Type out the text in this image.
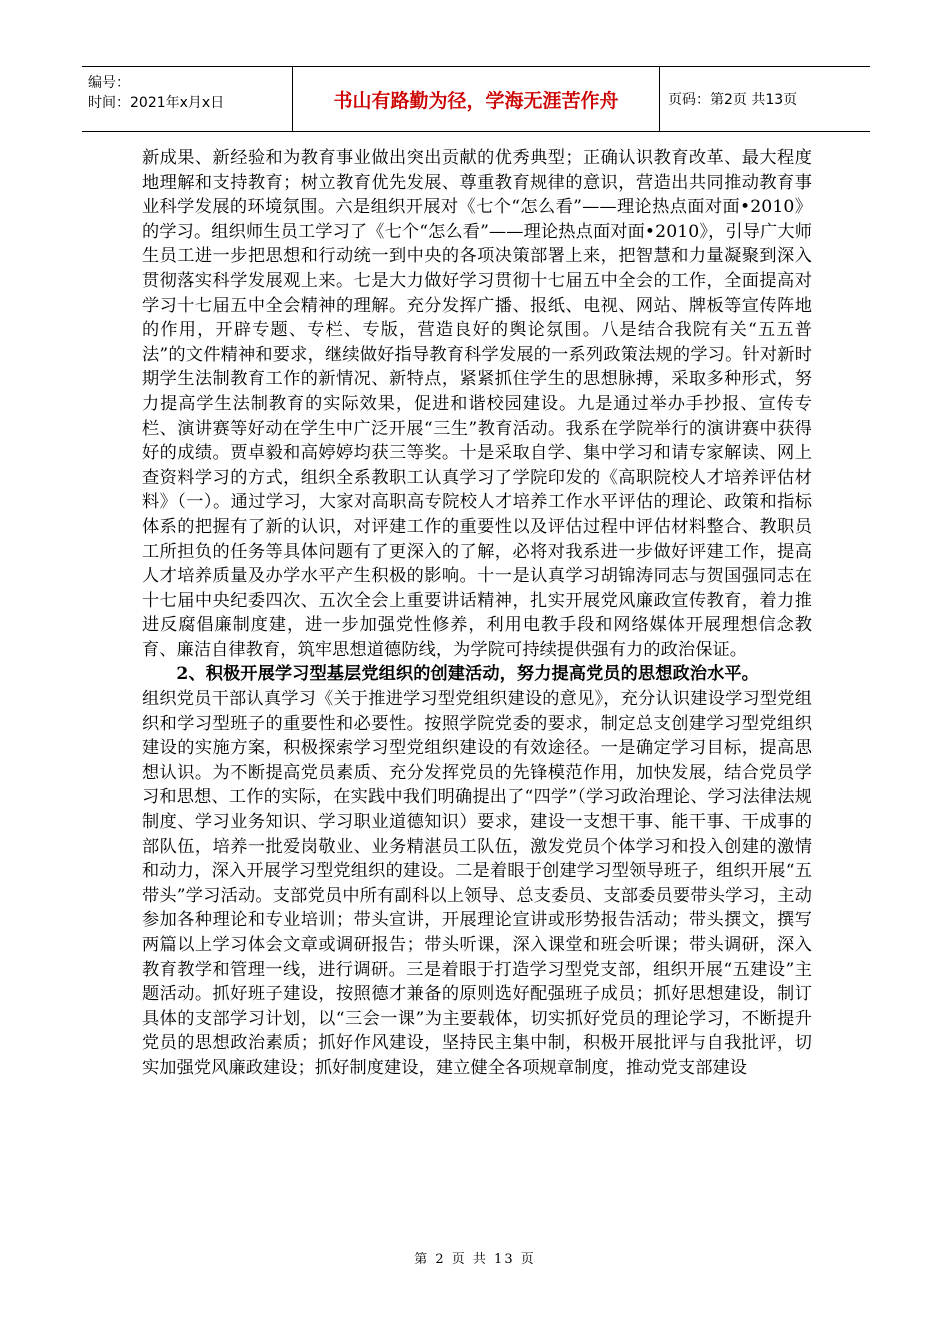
编号：
时间：2021年x月x日	书山有路勤为径，学海无涯苦作舟	页码：第2页 共13页

新成果、新经验和为教育事业做出突出贡献的优秀典型；正确认识教育改革、最大程度地理解和支持教育；树立教育优先发展、尊重教育规律的意识，营造出共同推动教育事业科学发展的环境氛围。六是组织开展对《七个“怎么看”——理论热点面对面•2010》的学习。组织师生员工学习了《七个“怎么看”——理论热点面对面•2010》，引导广大师生员工进一步把思想和行动统一到中央的各项决策部署上来，把智慧和力量凝聚到深入贯彻落实科学发展观上来。七是大力做好学习贯彻十七届五中全会的工作，全面提高对学习十七届五中全会精神的理解。充分发挥广播、报纸、电视、网站、牌板等宣传阵地的作用，开辟专题、专栏、专版，营造良好的舆论氛围。八是结合我院有关“五五普法”的文件精神和要求，继续做好指导教育科学发展的一系列政策法规的学习。针对新时期学生法制教育工作的新情况、新特点，紧紧抓住学生的思想脉搏，采取多种形式，努力提高学生法制教育的实际效果，促进和谐校园建设。九是通过举办手抄报、宣传专栏、演讲赛等好动在学生中广泛开展“三生”教育活动。我系在学院举行的演讲赛中获得好的成绩。贾卓毅和高婷婷均获三等奖。十是采取自学、集中学习和请专家解读、网上查资料学习的方式，组织全系教职工认真学习了学院印发的《高职院校人才培养评估材料》（一）。通过学习，大家对高职高专院校人才培养工作水平评估的理论、政策和指标体系的把握有了新的认识，对评建工作的重要性以及评估过程中评估材料整合、教职员工所担负的任务等具体问题有了更深入的了解，必将对我系进一步做好评建工作，提高人才培养质量及办学水平产生积极的影响。十一是认真学习胡锦涛同志与贺国强同志在十七届中央纪委四次、五次全会上重要讲话精神，扎实开展党风廉政宣传教育，着力推进反腐倡廉制度建，进一步加强党性修养，利用电教手段和网络媒体开展理想信念教育、廉洁自律教育，筑牢思想道德防线，为学院可持续提供强有力的政治保证。

2、积极开展学习型基层党组织的创建活动，努力提高党员的思想政治水平。

组织党员干部认真学习《关于推进学习型党组织建设的意见》，充分认识建设学习型党组织和学习型班子的重要性和必要性。按照学院党委的要求，制定总支创建学习型党组织建设的实施方案，积极探索学习型党组织建设的有效途径。一是确定学习目标，提高思想认识。为不断提高党员素质、充分发挥党员的先锋模范作用，加快发展，结合党员学习和思想、工作的实际，在实践中我们明确提出了“四学”（学习政治理论、学习法律法规制度、学习业务知识、学习职业道德知识）要求，建设一支想干事、能干事、干成事的部队伍，培养一批爱岗敬业、业务精湛员工队伍，激发党员个体学习和投入创建的激情和动力，深入开展学习型党组织的建设。二是着眼于创建学习型领导班子，组织开展“五带头”学习活动。支部党员中所有副科以上领导、总支委员、支部委员要带头学习，主动参加各种理论和专业培训；带头宣讲，开展理论宣讲或形势报告活动；带头撰文，撰写两篇以上学习体会文章或调研报告；带头听课，深入课堂和班会听课；带头调研，深入教育教学和管理一线，进行调研。三是着眼于打造学习型党支部，组织开展“五建设”主题活动。抓好班子建设，按照德才兼备的原则选好配强班子成员；抓好思想建设，制订具体的支部学习计划，以“三会一课”为主要载体，切实抓好党员的理论学习，不断提升党员的思想政治素质；抓好作风建设，坚持民主集中制，积极开展批评与自我批评，切实加强党风廉政建设；抓好制度建设，建立健全各项规章制度，推动党支部建设

第 2 页 共 13 页
